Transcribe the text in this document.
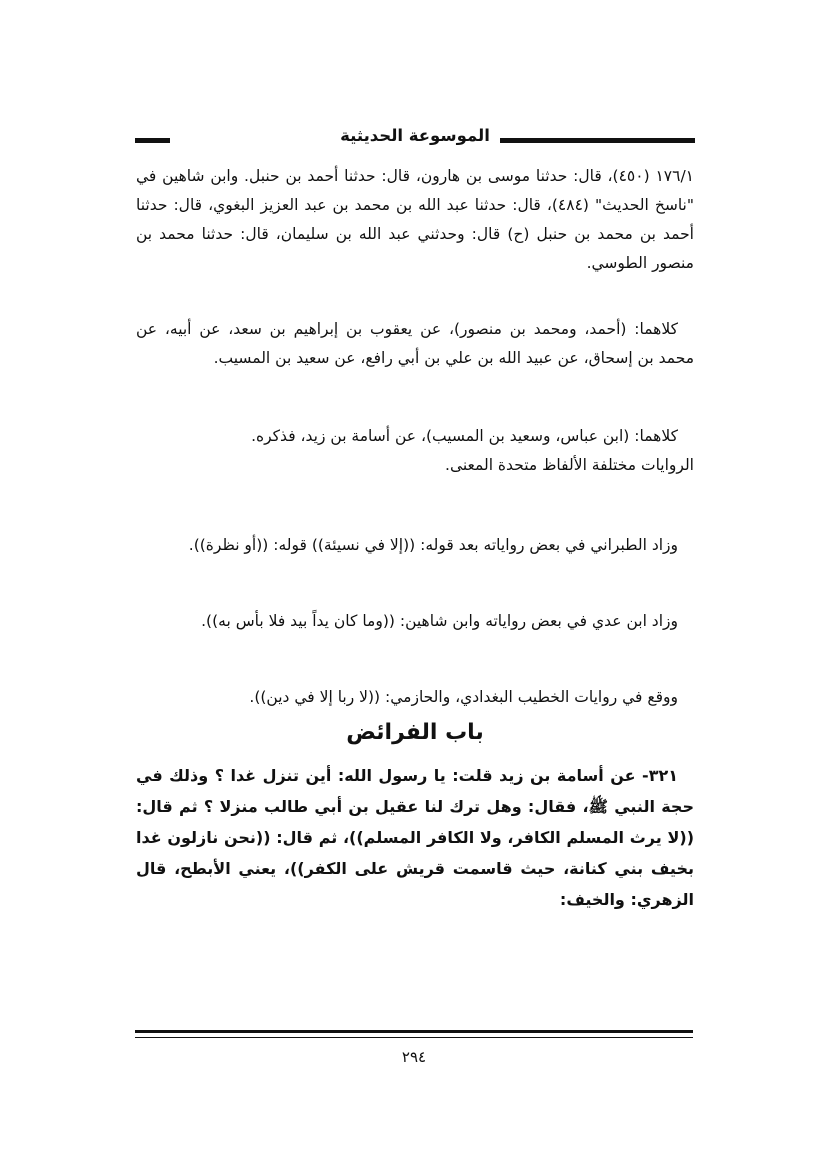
الموسوعة الحديثية

١٧٦/١ (٤٥٠)، قال: حدثنا موسى بن هارون، قال: حدثنا أحمد بن حنبل. وابن شاهين في "ناسخ الحديث" (٤٨٤)، قال: حدثنا عبد الله بن محمد بن عبد العزيز البغوي، قال: حدثنا أحمد بن محمد بن حنبل (ح) قال: وحدثني عبد الله بن سليمان، قال: حدثنا محمد بن منصور الطوسي.

كلاهما: (أحمد، ومحمد بن منصور)، عن يعقوب بن إبراهيم بن سعد، عن أبيه، عن محمد بن إسحاق، عن عبيد الله بن علي بن أبي رافع، عن سعيد بن المسيب.

كلاهما: (ابن عباس، وسعيد بن المسيب)، عن أسامة بن زيد، فذكره.
الروايات مختلفة الألفاظ متحدة المعنى.

وزاد الطبراني في بعض رواياته بعد قوله: ((إلا في نسيئة)) قوله: ((أو نظرة)).

وزاد ابن عدي في بعض رواياته وابن شاهين: ((وما كان يداً بيد فلا بأس به)).

ووقع في روايات الخطيب البغدادي، والحازمي: ((لا ربا إلا في دين)).

باب الفرائض

٣٢١- عن أسامة بن زيد قلت: يا رسول الله: أين تنزل غدا ؟ وذلك في حجة النبي ﷺ، فقال: وهل ترك لنا عقيل بن أبي طالب منزلا ؟ ثم قال: ((لا يرث المسلم الكافر، ولا الكافر المسلم))، ثم قال: ((نحن نازلون غدا بخيف بني كنانة، حيث قاسمت قريش على الكفر))، يعني الأبطح، قال الزهري: والخيف:

٢٩٤
